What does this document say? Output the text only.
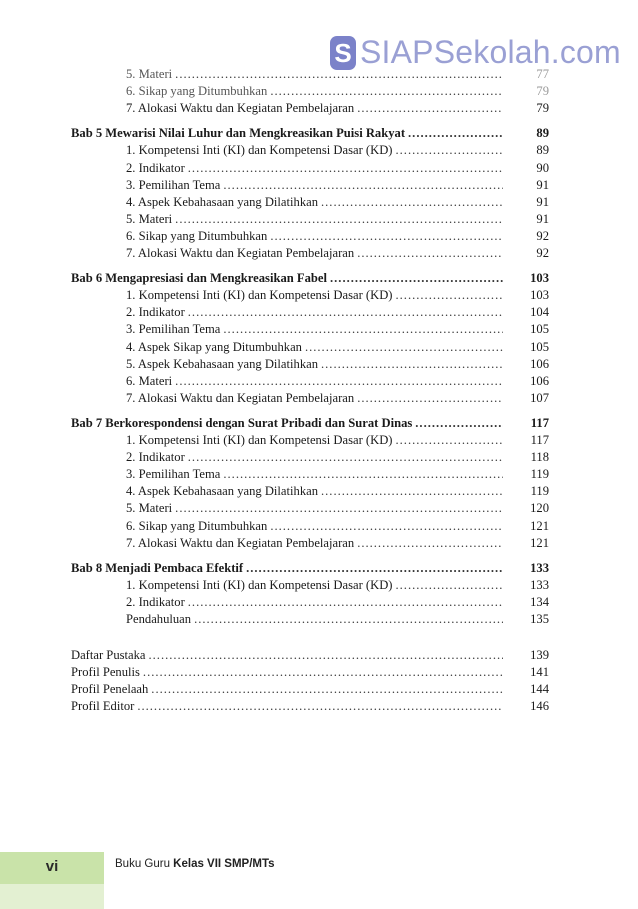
S SIAPSekolah.com
5. Materi .....	77
6. Sikap yang Ditumbuhkan .....	79
7. Alokasi Waktu dan Kegiatan Pembelajaran .....	79
Bab 5 Mewarisi Nilai Luhur dan Mengkreasikan Puisi Rakyat .....	89
1. Kompetensi Inti (KI) dan Kompetensi Dasar (KD) .....	89
2. Indikator .....	90
3. Pemilihan Tema .....	91
4. Aspek Kebahasaan yang Dilatihkan .....	91
5. Materi .....	91
6. Sikap yang Ditumbuhkan .....	92
7. Alokasi Waktu dan Kegiatan Pembelajaran .....	92
Bab 6 Mengapresiasi dan Mengkreasikan Fabel .....	103
1. Kompetensi Inti (KI) dan Kompetensi Dasar (KD) .....	103
2. Indikator .....	104
3. Pemilihan Tema .....	105
4. Aspek Sikap yang Ditumbuhkan .....	105
5. Aspek Kebahasaan yang Dilatihkan .....	106
6. Materi .....	106
7. Alokasi Waktu dan Kegiatan Pembelajaran .....	107
Bab 7 Berkorespondensi dengan Surat Pribadi dan Surat Dinas .....	117
1. Kompetensi Inti (KI) dan Kompetensi Dasar (KD) .....	117
2. Indikator .....	118
3. Pemilihan Tema .....	119
4. Aspek Kebahasaan yang Dilatihkan .....	119
5. Materi .....	120
6. Sikap yang Ditumbuhkan .....	121
7. Alokasi Waktu dan Kegiatan Pembelajaran .....	121
Bab 8 Menjadi Pembaca Efektif .....	133
1. Kompetensi Inti (KI) dan Kompetensi Dasar (KD) .....	133
2. Indikator .....	134
Pendahuluan .....	135
Daftar Pustaka .....	139
Profil Penulis .....	141
Profil Penelaah .....	144
Profil Editor .....	146
vi	Buku Guru Kelas VII SMP/MTs
